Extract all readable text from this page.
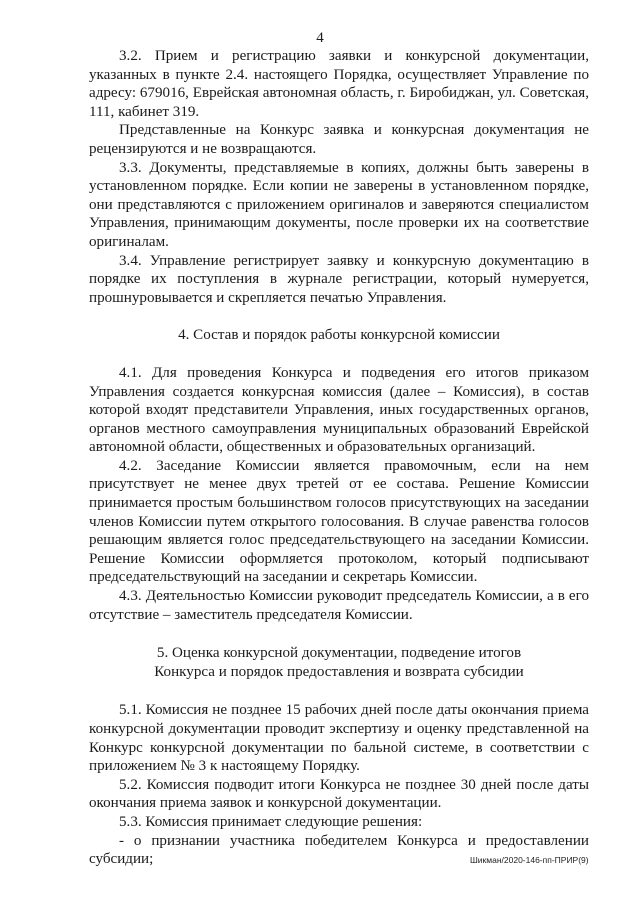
4

3.2. Прием и регистрацию заявки и конкурсной документации, указанных в пункте 2.4. настоящего Порядка, осуществляет Управление по адресу: 679016, Еврейская автономная область, г. Биробиджан, ул. Советская, 111, кабинет 319.

Представленные на Конкурс заявка и конкурсная документация не рецензируются и не возвращаются.

3.3. Документы, представляемые в копиях, должны быть заверены в установленном порядке. Если копии не заверены в установленном порядке, они представляются с приложением оригиналов и заверяются специалистом Управления, принимающим документы, после проверки их на соответствие оригиналам.

3.4. Управление регистрирует заявку и конкурсную документацию в порядке их поступления в журнале регистрации, который нумеруется, прошнуровывается и скрепляется печатью Управления.

4. Состав и порядок работы конкурсной комиссии

4.1. Для проведения Конкурса и подведения его итогов приказом Управления создается конкурсная комиссия (далее – Комиссия), в состав которой входят представители Управления, иных государственных органов, органов местного самоуправления муниципальных образований Еврейской автономной области, общественных и образовательных организаций.

4.2. Заседание Комиссии является правомочным, если на нем присутствует не менее двух третей от ее состава. Решение Комиссии принимается простым большинством голосов присутствующих на заседании членов Комиссии путем открытого голосования. В случае равенства голосов решающим является голос председательствующего на заседании Комиссии. Решение Комиссии оформляется протоколом, который подписывают председательствующий на заседании и секретарь Комиссии.

4.3. Деятельностью Комиссии руководит председатель Комиссии, а в его отсутствие – заместитель председателя Комиссии.

5. Оценка конкурсной документации, подведение итогов
Конкурса и порядок предоставления и возврата субсидии

5.1. Комиссия не позднее 15 рабочих дней после даты окончания приема конкурсной документации проводит экспертизу и оценку представленной на Конкурс конкурсной документации по бальной системе, в соответствии с приложением № 3 к настоящему Порядку.

5.2. Комиссия подводит итоги Конкурса не позднее 30 дней после даты окончания приема заявок и конкурсной документации.

5.3. Комиссия принимает следующие решения:

- о признании участника победителем Конкурса и предоставлении субсидии;	Шикман/2020-146-пп-ПРИР(9)
